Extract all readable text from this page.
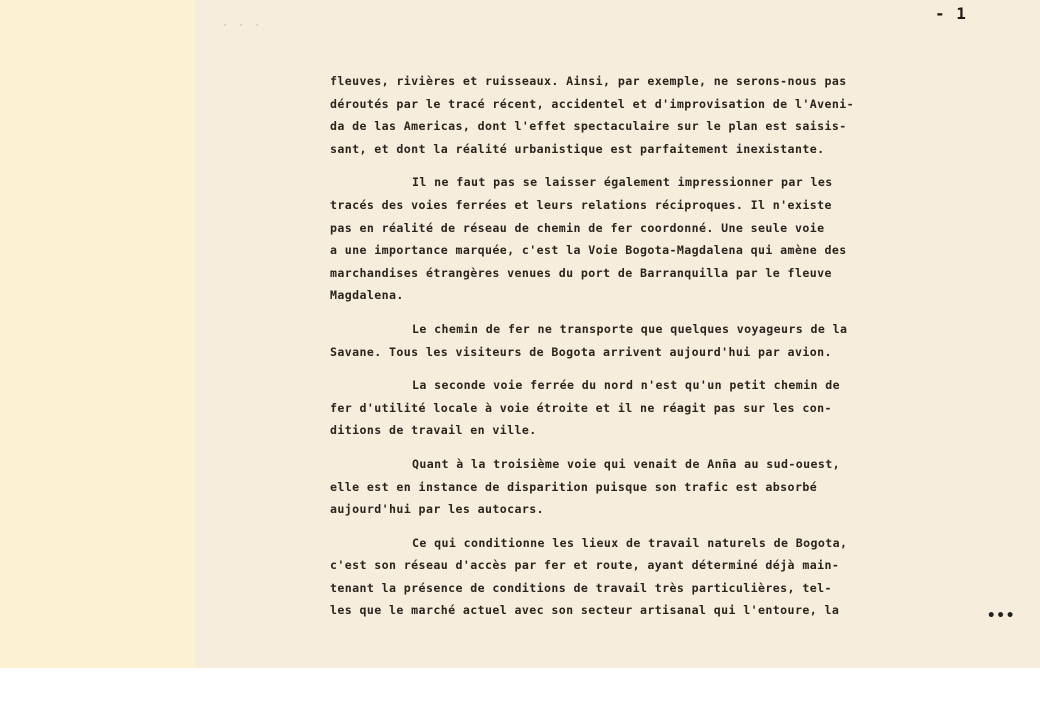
· · ·
- 1
fleuves, rivières et ruisseaux. Ainsi, par exemple, ne serons-nous pas
déroutés par le tracé récent, accidentel et d'improvisation de l'Aveni-
da de las Americas, dont l'effet spectaculaire sur le plan est saisis-
sant, et dont la réalité urbanistique est parfaitement inexistante.
Il ne faut pas se laisser également impressionner par les
tracés des voies ferrées et leurs relations réciproques. Il n'existe
pas en réalité de réseau de chemin de fer coordonné. Une seule voie
a une importance marquée, c'est la Voie Bogota-Magdalena qui amène des
marchandises étrangères venues du port de Barranquilla par le fleuve
Magdalena.
Le chemin de fer ne transporte que quelques voyageurs de la
Savane. Tous les visiteurs de Bogota arrivent aujourd'hui par avion.
La seconde voie ferrée du nord n'est qu'un petit chemin de
fer d'utilité locale à voie étroite et il ne réagit pas sur les con-
ditions de travail en ville.
Quant à la troisième voie qui venait de Anña au sud-ouest,
elle est en instance de disparition puisque son trafic est absorbé
aujourd'hui par les autocars.
Ce qui conditionne les lieux de travail naturels de Bogota,
c'est son réseau d'accès par fer et route, ayant déterminé déjà main-
tenant la présence de conditions de travail très particulières, tel-
les que le marché actuel avec son secteur artisanal qui l'entoure, la	•••
